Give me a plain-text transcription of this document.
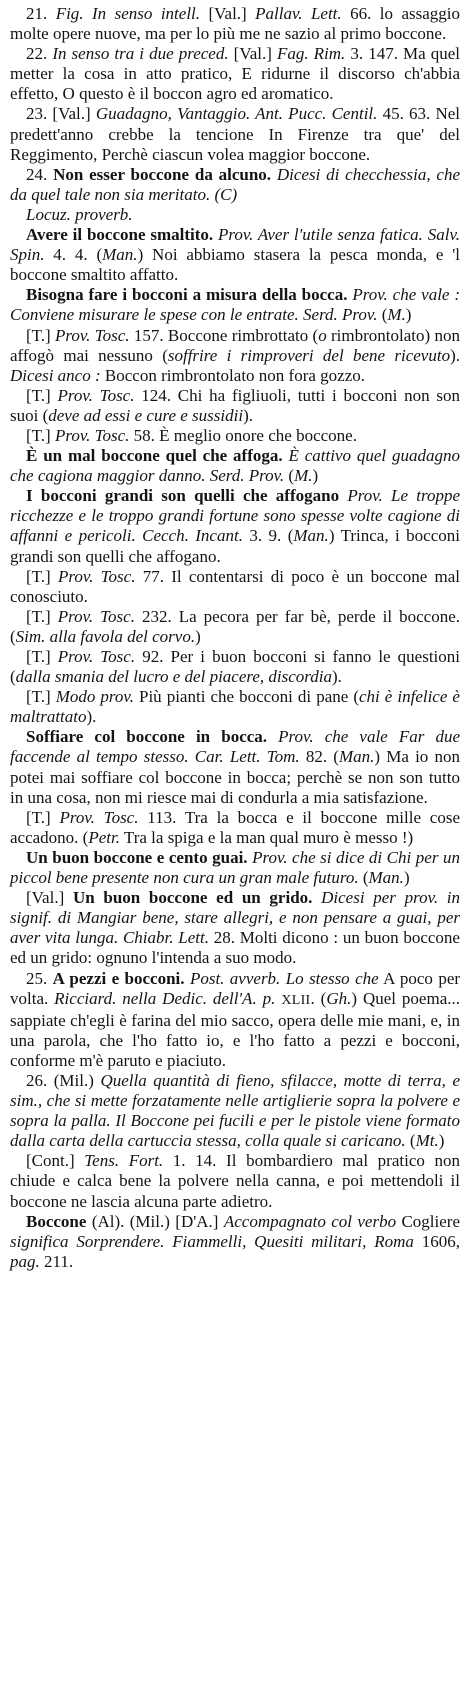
21. Fig. In senso intell. [Val.] Pallav. Lett. 66. lo assaggio molte opere nuove, ma per lo più me ne sazio al primo boccone.

22. In senso tra i due preced. [Val.] Fag. Rim. 3. 147. Ma quel metter la cosa in atto pratico, E ridurne il discorso ch'abbia effetto, O questo è il boccon agro ed aromatico.

23. [Val.] Guadagno, Vantaggio. Ant. Pucc. Centil. 45. 63. Nel predett'anno crebbe la tencione In Firenze tra que' del Reggimento, Perchè ciascun volea maggior boccone.

24. Non esser boccone da alcuno. Dicesi di checchessia, che da quel tale non sia meritato. (C)

Locuz. proverb.

Avere il boccone smaltito. Prov. Aver l'utile senza fatica. Salv. Spin. 4. 4. (Man.) Noi abbiamo stasera la pesca monda, e 'l boccone smaltito affatto.

Bisogna fare i bocconi a misura della bocca. Prov. che vale : Conviene misurare le spese con le entrate. Serd. Prov. (M.)

[T.] Prov. Tosc. 157. Boccone rimbrottato (o rimbrontolato) non affogò mai nessuno (soffrire i rimproveri del bene ricevuto). Dicesi anco : Boccon rimbrontolato non fora gozzo.

[T.] Prov. Tosc. 124. Chi ha figliuoli, tutti i bocconi non son suoi (deve ad essi e cure e sussidii).

[T.] Prov. Tosc. 58. È meglio onore che boccone.

È un mal boccone quel che affoga. È cattivo quel guadagno che cagiona maggior danno. Serd. Prov. (M.)

I bocconi grandi son quelli che affogano Prov. Le troppe ricchezze e le troppo grandi fortune sono spesse volte cagione di affanni e pericoli. Cecch. Incant. 3. 9. (Man.) Trinca, i bocconi grandi son quelli che affogano.

[T.] Prov. Tosc. 77. Il contentarsi di poco è un boccone mal conosciuto.

[T.] Prov. Tosc. 232. La pecora per far bè, perde il boccone. (Sim. alla favola del corvo.)

[T.] Prov. Tosc. 92. Per i buon bocconi si fanno le questioni (dalla smania del lucro e del piacere, discordia).

[T.] Modo prov. Più pianti che bocconi di pane (chi è infelice è maltrattato).

Soffiare col boccone in bocca. Prov. che vale Far due faccende al tempo stesso. Car. Lett. Tom. 82. (Man.) Ma io non potei mai soffiare col boccone in bocca; perchè se non son tutto in una cosa, non mi riesce mai di condurla a mia satisfazione.

[T.] Prov. Tosc. 113. Tra la bocca e il boccone mille cose accadono. (Petr. Tra la spiga e la man qual muro è messo !)

Un buon boccone e cento guai. Prov. che si dice di Chi per un piccol bene presente non cura un gran male futuro. (Man.)

[Val.] Un buon boccone ed un grido. Dicesi per prov. in signif. di Mangiar bene, stare allegri, e non pensare a guai, per aver vita lunga. Chiabr. Lett. 28. Molti dicono : un buon boccone ed un grido: ognuno l'intenda a suo modo.

25. A pezzi e bocconi. Post. avverb. Lo stesso che A poco per volta. Ricciard. nella Dedic. dell'A. p. XLII. (Gh.) Quel poema... sappiate ch'egli è farina del mio sacco, opera delle mie mani, e, in una parola, che l'ho fatto io, e l'ho fatto a pezzi e bocconi, conforme m'è paruto e piaciuto.

26. (Mil.) Quella quantità di fieno, sfilacce, motte di terra, e sim., che si mette forzatamente nelle artiglierie sopra la polvere e sopra la palla. Il Boccone pei fucili e per le pistole viene formato dalla carta della cartuccia stessa, colla quale si caricano. (Mt.)

[Cont.] Tens. Fort. 1. 14. Il bombardiero mal pratico non chiude e calca bene la polvere nella canna, e poi mettendoli il boccone ne lascia alcuna parte adietro.

Boccone (Al). (Mil.) [D'A.] Accompagnato col verbo Cogliere significa Sorprendere. Fiammelli, Quesiti militari, Roma 1606, pag. 211.
